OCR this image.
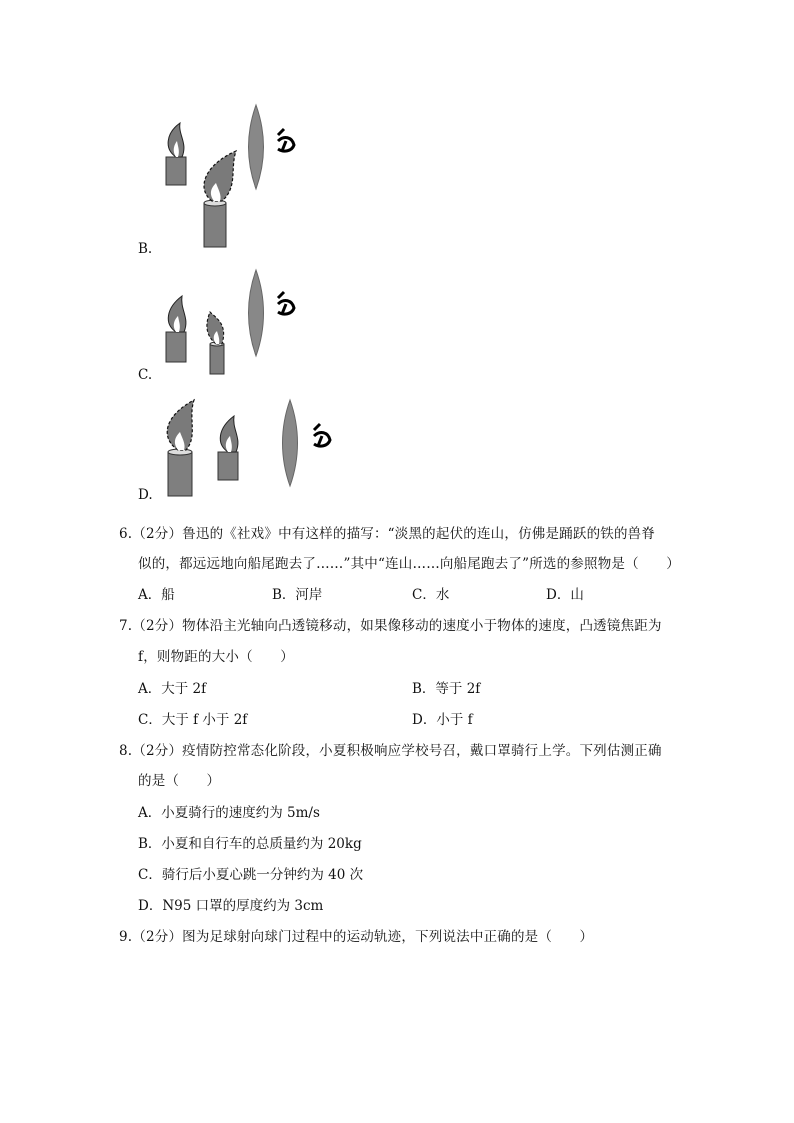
B.
C.
D.
6.（2分）鲁迅的《社戏》中有这样的描写：“淡黑的起伏的连山，仿佛是踊跃的铁的兽脊
似的，都远远地向船尾跑去了……”其中“连山……向船尾跑去了”所选的参照物是（　　）
A．船	B．河岸	C．水	D．山
7.（2分）物体沿主光轴向凸透镜移动，如果像移动的速度小于物体的速度，凸透镜焦距为
f，则物距的大小（　　）
A．大于 2f	B．等于 2f
C．大于 f 小于 2f	D．小于 f
8.（2分）疫情防控常态化阶段，小夏积极响应学校号召，戴口罩骑行上学。下列估测正确
的是（　　）
A．小夏骑行的速度约为 5m/s
B．小夏和自行车的总质量约为 20kg
C．骑行后小夏心跳一分钟约为 40 次
D．N95 口罩的厚度约为 3cm
9.（2分）图为足球射向球门过程中的运动轨迹，下列说法中正确的是（　　）
